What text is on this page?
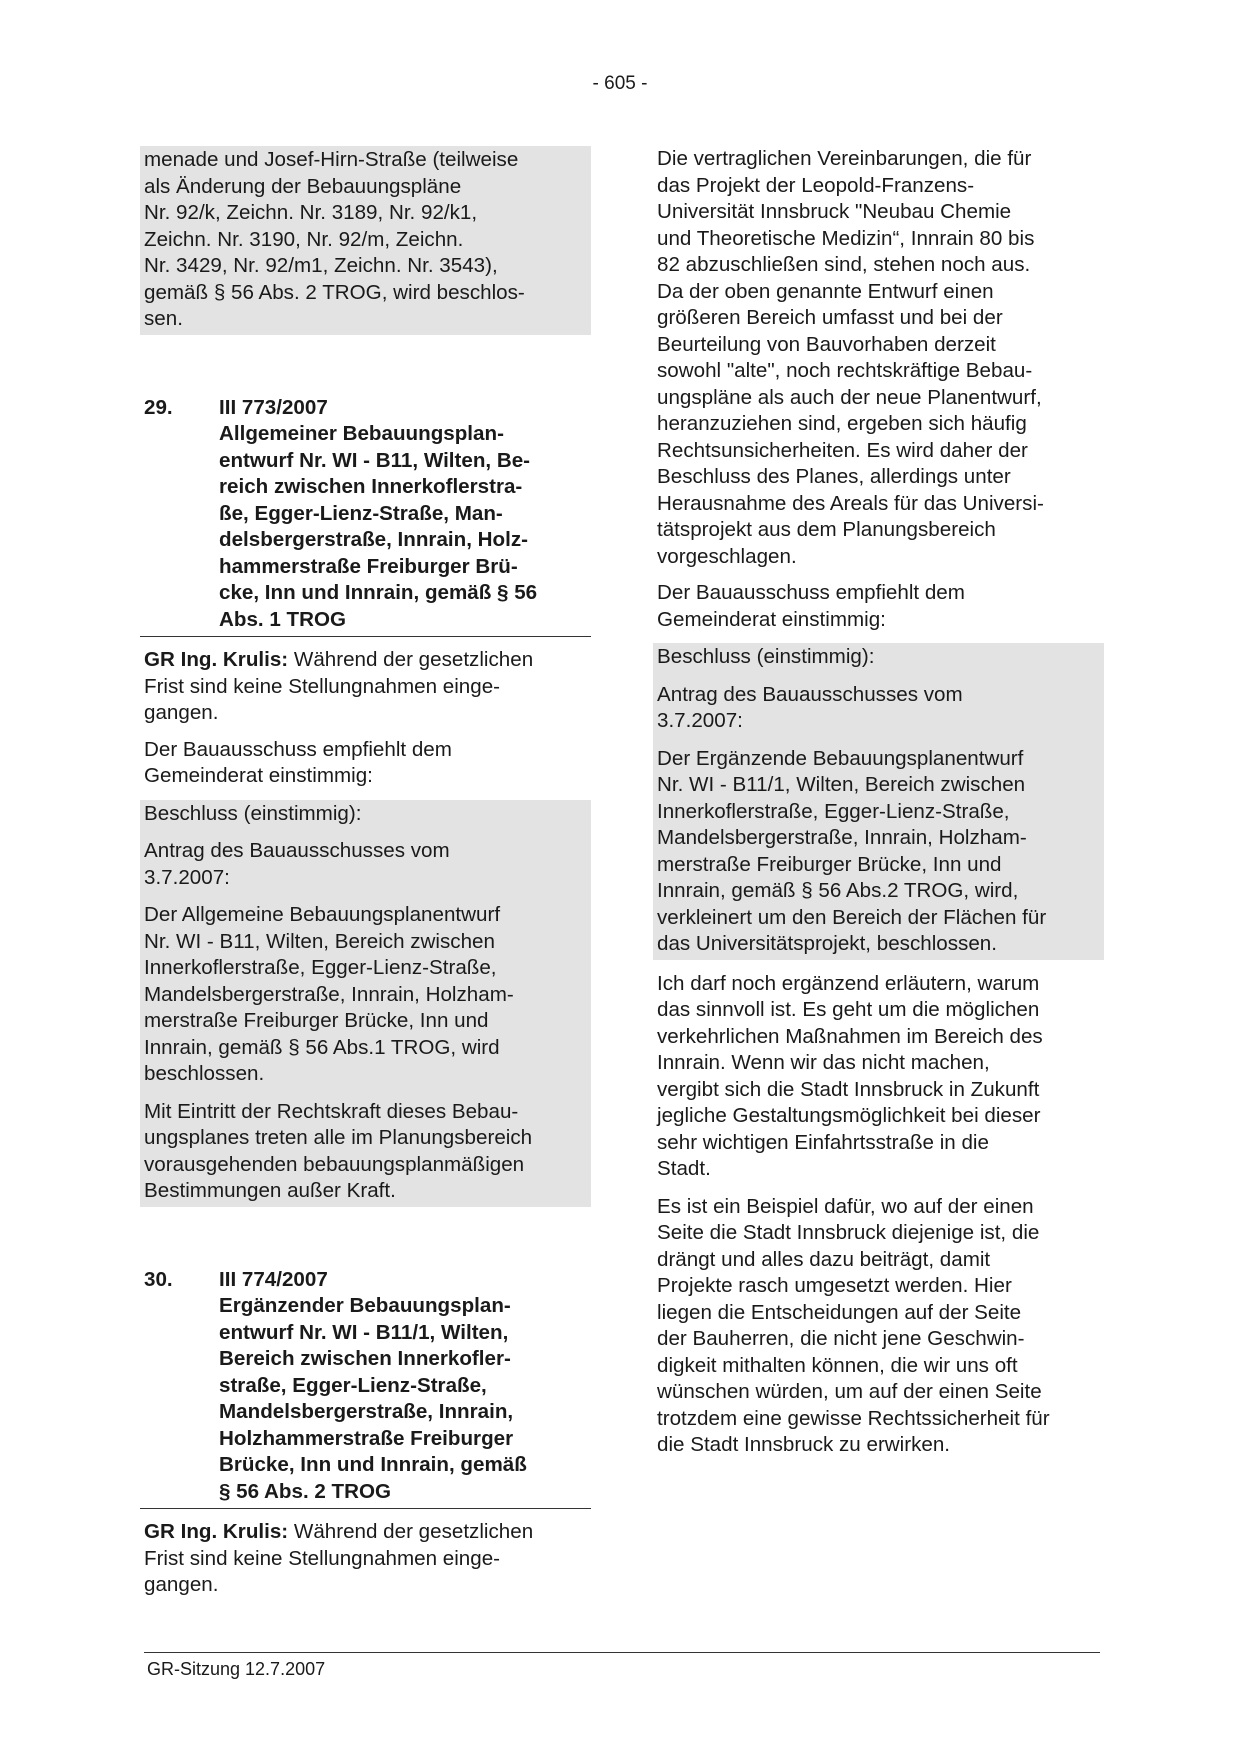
- 605 -

menade und Josef-Hirn-Straße (teilweise
als Änderung der Bebauungspläne
Nr. 92/k, Zeichn. Nr. 3189, Nr. 92/k1,
Zeichn. Nr. 3190, Nr. 92/m, Zeichn.
Nr. 3429, Nr. 92/m1, Zeichn. Nr. 3543),
gemäß § 56 Abs. 2 TROG, wird beschlos-
sen.

29.	III 773/2007

Allgemeiner Bebauungsplan-
entwurf Nr. WI - B11, Wilten, Be-
reich zwischen Innerkoflerstra-
ße, Egger-Lienz-Straße, Man-
delsbergerstraße, Innrain, Holz-
hammerstraße Freiburger Brü-
cke, Inn und Innrain, gemäß § 56
Abs. 1 TROG

GR Ing. Krulis: Während der gesetzlichen
Frist sind keine Stellungnahmen einge-
gangen.

Der Bauausschuss empfiehlt dem
Gemeinderat einstimmig:

Beschluss (einstimmig):

Antrag des Bauausschusses vom
3.7.2007:

Der Allgemeine Bebauungsplanentwurf
Nr. WI - B11, Wilten, Bereich zwischen
Innerkoflerstraße, Egger-Lienz-Straße,
Mandelsbergerstraße, Innrain, Holzham-
merstraße Freiburger Brücke, Inn und
Innrain, gemäß § 56 Abs.1 TROG, wird
beschlossen.

Mit Eintritt der Rechtskraft dieses Bebau-
ungsplanes treten alle im Planungsbereich
vorausgehenden bebauungsplanmäßigen
Bestimmungen außer Kraft.

30.	III 774/2007

Ergänzender Bebauungsplan-
entwurf Nr. WI - B11/1, Wilten,
Bereich zwischen Innerkofler-
straße, Egger-Lienz-Straße,
Mandelsbergerstraße, Innrain,
Holzhammerstraße Freiburger
Brücke, Inn und Innrain, gemäß
§ 56 Abs. 2 TROG

GR Ing. Krulis: Während der gesetzlichen
Frist sind keine Stellungnahmen einge-
gangen.

Die vertraglichen Vereinbarungen, die für
das Projekt der Leopold-Franzens-
Universität Innsbruck "Neubau Chemie
und Theoretische Medizin“, Innrain 80 bis
82 abzuschließen sind, stehen noch aus.
Da der oben genannte Entwurf einen
größeren Bereich umfasst und bei der
Beurteilung von Bauvorhaben derzeit
sowohl "alte", noch rechtskräftige Bebau-
ungspläne als auch der neue Planentwurf,
heranzuziehen sind, ergeben sich häufig
Rechtsunsicherheiten. Es wird daher der
Beschluss des Planes, allerdings unter
Herausnahme des Areals für das Universi-
tätsprojekt aus dem Planungsbereich
vorgeschlagen.

Der Bauausschuss empfiehlt dem
Gemeinderat einstimmig:

Beschluss (einstimmig):

Antrag des Bauausschusses vom
3.7.2007:

Der Ergänzende Bebauungsplanentwurf
Nr. WI - B11/1, Wilten, Bereich zwischen
Innerkoflerstraße, Egger-Lienz-Straße,
Mandelsbergerstraße, Innrain, Holzham-
merstraße Freiburger Brücke, Inn und
Innrain, gemäß § 56 Abs.2 TROG, wird,
verkleinert um den Bereich der Flächen für
das Universitätsprojekt, beschlossen.

Ich darf noch ergänzend erläutern, warum
das sinnvoll ist. Es geht um die möglichen
verkehrlichen Maßnahmen im Bereich des
Innrain. Wenn wir das nicht machen,
vergibt sich die Stadt Innsbruck in Zukunft
jegliche Gestaltungsmöglichkeit bei dieser
sehr wichtigen Einfahrtsstraße in die
Stadt.

Es ist ein Beispiel dafür, wo auf der einen
Seite die Stadt Innsbruck diejenige ist, die
drängt und alles dazu beiträgt, damit
Projekte rasch umgesetzt werden. Hier
liegen die Entscheidungen auf der Seite
der Bauherren, die nicht jene Geschwin-
digkeit mithalten können, die wir uns oft
wünschen würden, um auf der einen Seite
trotzdem eine gewisse Rechtssicherheit für
die Stadt Innsbruck zu erwirken.

GR-Sitzung 12.7.2007
